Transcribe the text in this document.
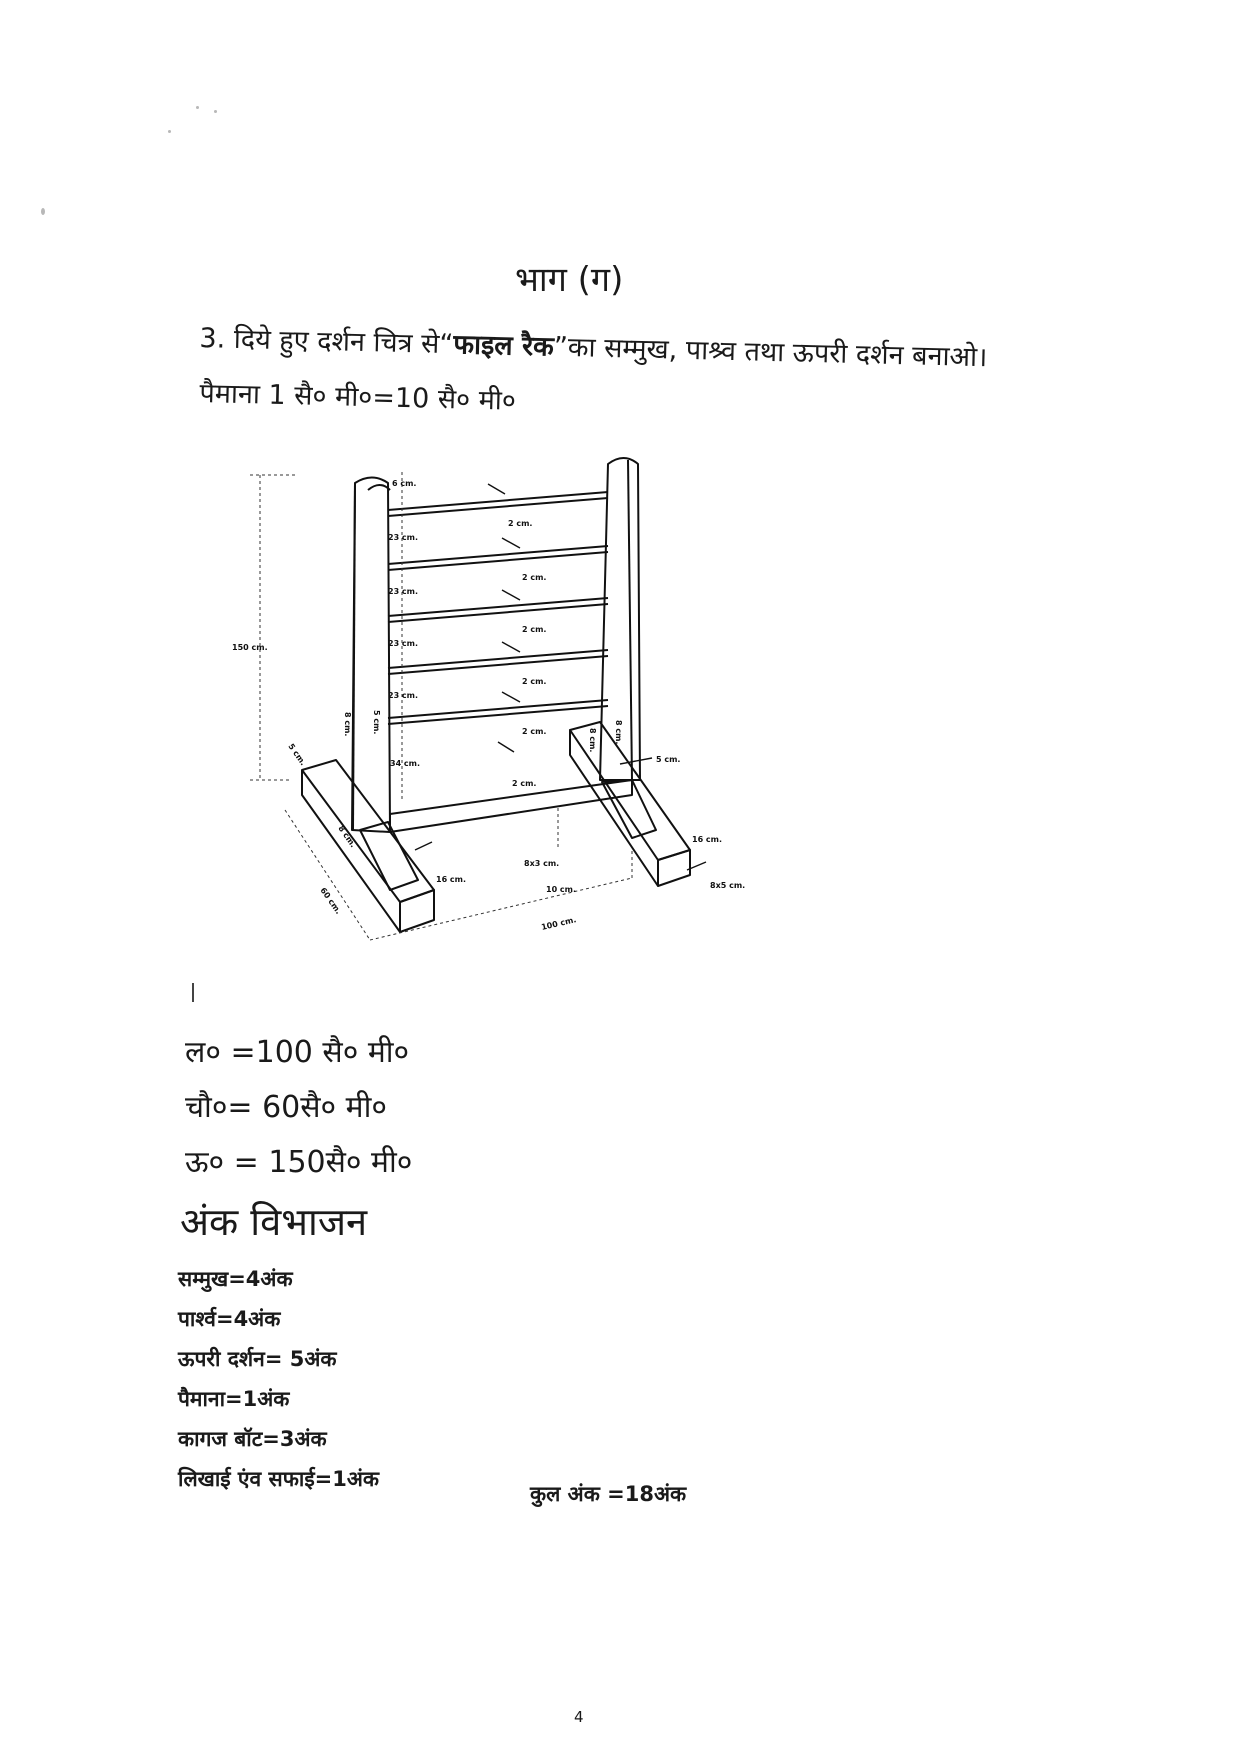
भाग (ग)
3. दिये हुए दर्शन चित्र से“फाइल रैक”का सम्मुख, पाश्र्व तथा ऊपरी दर्शन बनाओ।
पैमाना 1 सै० मी०=10 सै० मी०
150 cm.
6 cm.
23 cm.
23 cm.
23 cm.
23 cm.
34 cm.
2 cm.
2 cm.
2 cm.
2 cm.
2 cm.
2 cm.
8 cm.	5 cm.
8 cm. 8 cm.
5 cm.
8 cm.
60 cm.
16 cm.
8x3 cm.
16 cm.
10 cm.
5 cm.
8x5 cm.
100 cm.
ल० =100 सै० मी०
चौ०= 60सै० मी०
ऊ० = 150सै० मी०
अंक विभाजन
सम्मुख=4अंक
पार्श्व=4अंक
ऊपरी दर्शन= 5अंक
पैमाना=1अंक
कागज बॉट=3अंक
लिखाई एंव सफाई=1अंक
कुल अंक =18अंक
4
